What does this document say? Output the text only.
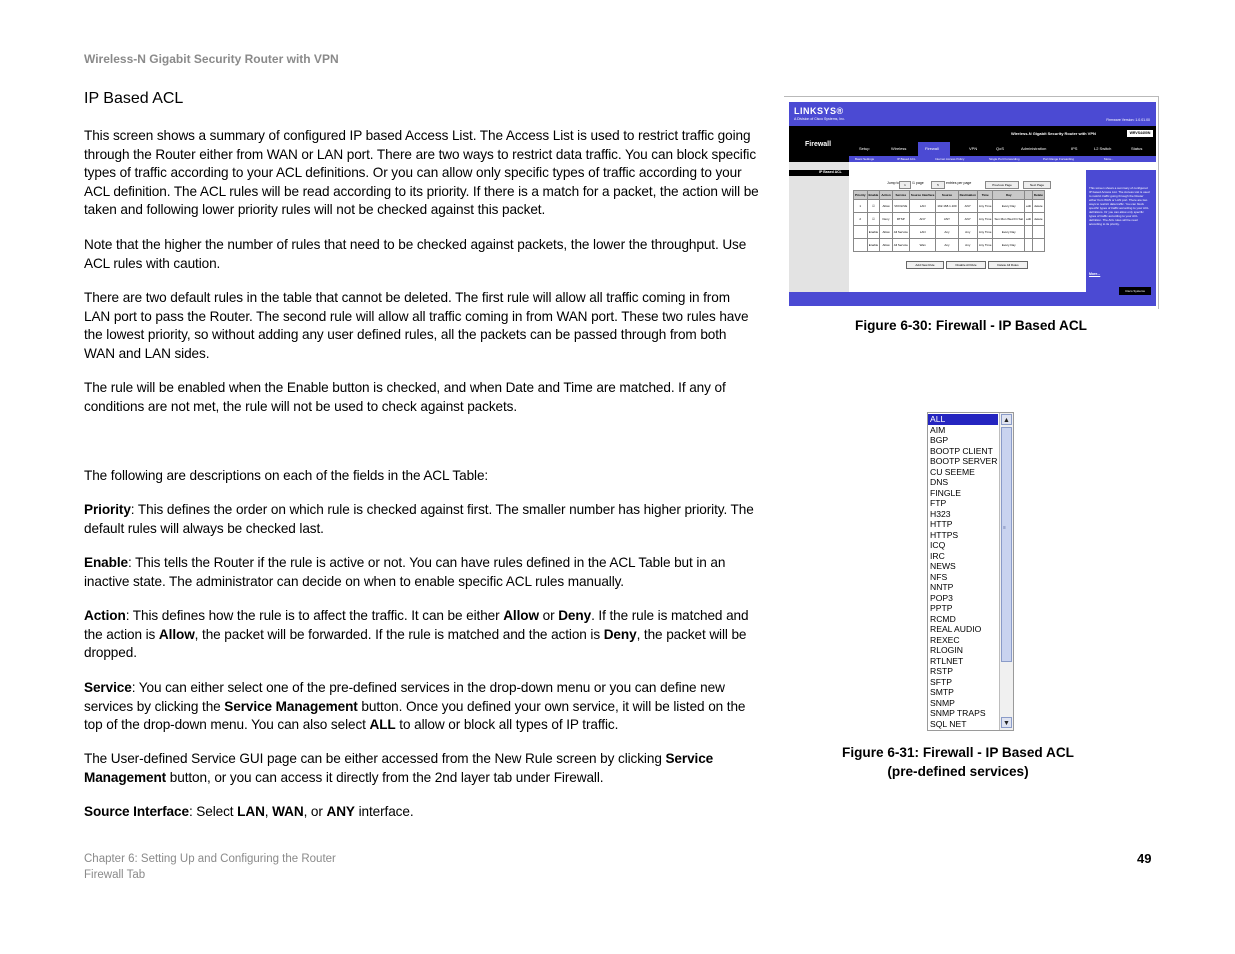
Wireless-N Gigabit Security Router with VPN
IP Based ACL

This screen shows a summary of configured IP based Access List. The Access List is used to restrict traffic going through the Router either from WAN or LAN port. There are two ways to restrict data traffic. You can block specific types of traffic according to your ACL definitions. Or you can allow only specific types of traffic according to your ACL definition. The ACL rules will be read according to its priority. If there is a match for a packet, the action will be taken and following lower priority rules will not be checked against this packet.

Note that the higher the number of rules that need to be checked against packets, the lower the throughput. Use ACL rules with caution.

There are two default rules in the table that cannot be deleted. The first rule will allow all traffic coming in from LAN port to pass the Router. The second rule will allow all traffic coming in from WAN port. These two rules have the lowest priority, so without adding any user defined rules, all the packets can be passed through from both WAN and LAN sides.

The rule will be enabled when the Enable button is checked, and when Date and Time are matched. If any of conditions are not met, the rule will not be used to check against packets.

The following are descriptions on each of the fields in the ACL Table:

Priority: This defines the order on which rule is checked against first. The smaller number has higher priority. The default rules will always be checked last.

Enable: This tells the Router if the rule is active or not. You can have rules defined in the ACL Table but in an inactive state. The administrator can decide on when to enable specific ACL rules manually.

Action: This defines how the rule is to affect the traffic. It can be either Allow or Deny. If the rule is matched and the action is Allow, the packet will be forwarded. If the rule is matched and the action is Deny, the packet will be dropped.

Service: You can either select one of the pre-defined services in the drop-down menu or you can define new services by clicking the Service Management button. Once you defined your own service, it will be listed on the top of the drop-down menu. You can also select ALL to allow or block all types of IP traffic.

The User-defined Service GUI page can be either accessed from the New Rule screen by clicking Service Management button, or you can access it directly from the 2nd layer tab under Firewall.

Source Interface: Select LAN, WAN, or ANY interface.

LINKSYS®
A Division of Cisco Systems, Inc.	Firmware Version: 1.0.01.00
Firewall
Wireless-N Gigabit Security Router with VPN	WRVS4400N
Setup	Wireless	Firewall	VPN	QoS	Administration	IPS	L2 Switch	Status
Basic Settings	IP Based ACL	Internet Access Policy	Single Port Forwarding	Port Range Forwarding	Mora...
IP Based ACL
This screen shows a summary of configured IP based Access List. The Access List is used to restrict traffic going through the Router either from WAN or LAN port. There are two ways to restrict data traffic. You can block specific types of traffic according to your ACL definitions. Or you can allow only specific types of traffic according to your ACL definition. The ACL rules will be read according to its priority.
More...
Cisco Systems
Jump to	1	/1 page	5	entries per page	Previous Page	Next Page
Priority	Enable	Action	Service	Source Interface	Source	Destination	Time	Day		Delete
1	☑	Allow	VDOLIVE	LAN	192.168.1.100	ANY	Any Time	Every Day	edit	delete
2	☑	Deny	RTSP	ANY	ANY	ANY	Any Time	Sun Mon Wed Fri Sat	edit	delete
	Enable	Allow	All Service	LAN	Any	Any	Any Time	Every Day		
	Enable	Allow	All Service	Wan	Any	Any	Any Time	Every Day		
Add New Rule	Disable All Rule	Delete All Rules
Figure 6-30: Firewall - IP Based ACL
ALL
AIM
BGP
BOOTP CLIENT
BOOTP SERVER
CU SEEME
DNS
FINGLE
FTP
H323
HTTP
HTTPS
ICQ
IRC
NEWS
NFS
NNTP
POP3
PPTP
RCMD
REAL AUDIO
REXEC
RLOGIN
RTLNET
RSTP
SFTP
SMTP
SNMP
SNMP TRAPS
SQL NET
▲
≡
▼
Figure 6-31: Firewall - IP Based ACL
(pre-defined services)
Chapter 6: Setting Up and Configuring the Router
Firewall Tab
49
